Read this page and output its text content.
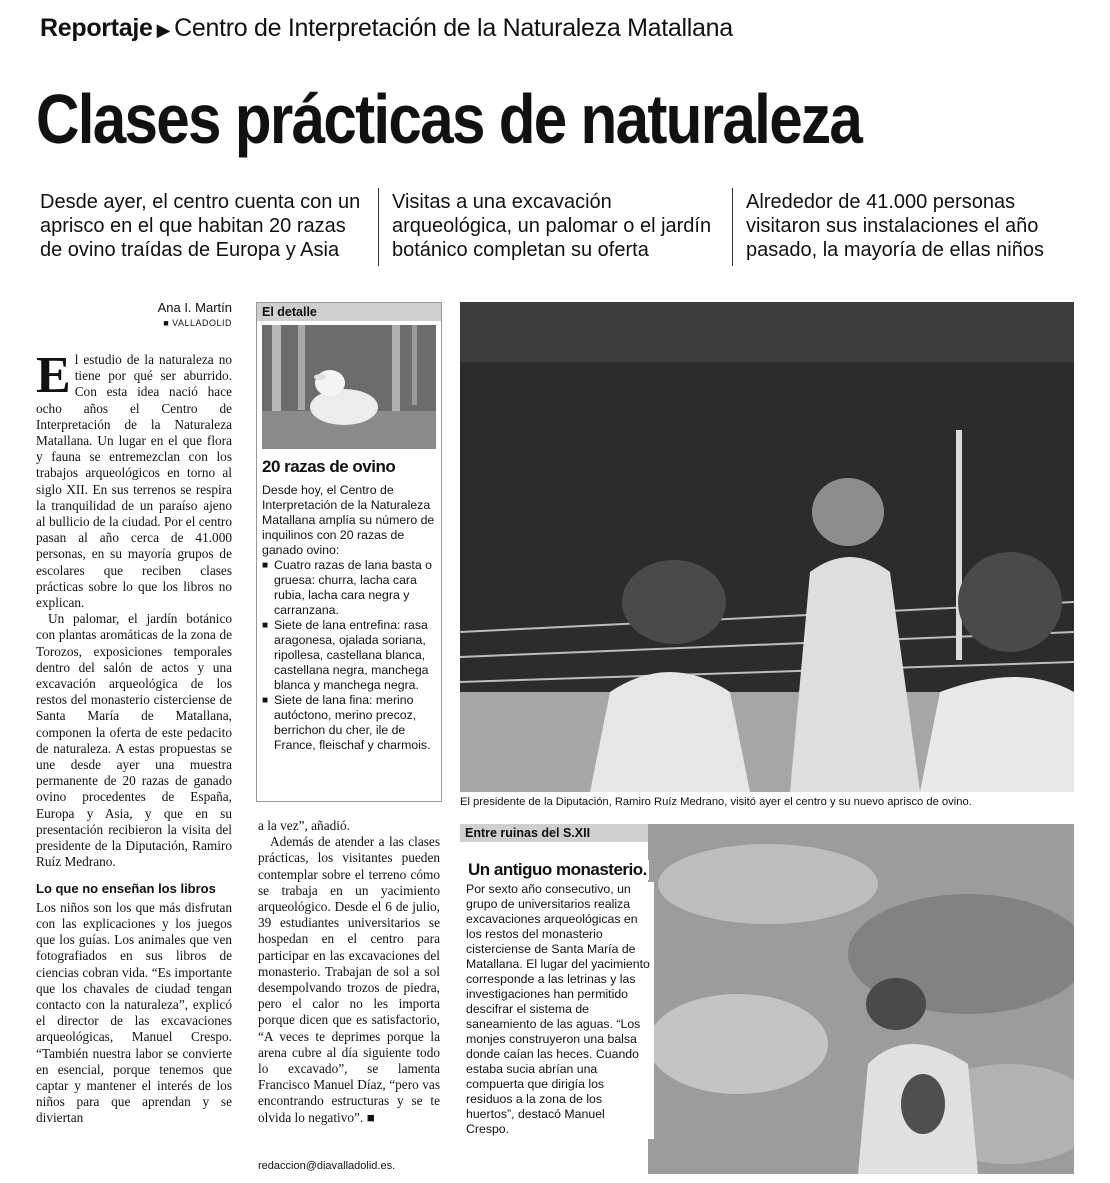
Reportaje ▶ Centro de Interpretación de la Naturaleza Matallana
Clases prácticas de naturaleza
Desde ayer, el centro cuenta con un aprisco en el que habitan 20 razas de ovino traídas de Europa y Asia
Visitas a una excavación arqueológica, un palomar o el jardín botánico completan su oferta
Alrededor de 41.000 personas visitaron sus instalaciones el año pasado, la mayoría de ellas niños
Ana I. Martín
■ VALLADOLID

El estudio de la naturaleza no tiene por qué ser aburrido. Con esta idea nació hace ocho años el Centro de Interpretación de la Naturaleza Matallana. Un lugar en el que flora y fauna se entremezclan con los trabajos arqueológicos en torno al siglo XII. En sus terrenos se respira la tranquilidad de un paraíso ajeno al bullicio de la ciudad. Por el centro pasan al año cerca de 41.000 personas, en su mayoría grupos de escolares que reciben clases prácticas sobre lo que los libros no explican.

Un palomar, el jardín botánico con plantas aromáticas de la zona de Torozos, exposiciones temporales dentro del salón de actos y una excavación arqueológica de los restos del monasterio cisterciense de Santa María de Matallana, componen la oferta de este pedacito de naturaleza. A estas propuestas se une desde ayer una muestra permanente de 20 razas de ganado ovino procedentes de España, Europa y Asia, y que en su presentación recibieron la visita del presidente de la Diputación, Ramiro Ruíz Medrano.

Lo que no enseñan los libros

Los niños son los que más disfrutan con las explicaciones y los juegos que los guías. Los animales que ven fotografiados en sus libros de ciencias cobran vida. “Es importante que los chavales de ciudad tengan contacto con la naturaleza”, explicó el director de las excavaciones arqueológicas, Manuel Crespo. “También nuestra labor se convierte en esencial, porque tenemos que captar y mantener el interés de los niños para que aprendan y se diviertan

El detalle
20 razas de ovino
Desde hoy, el Centro de Interpretación de la Naturaleza Matallana amplía su número de inquilinos con 20 razas de ganado ovino:
■ Cuatro razas de lana basta o gruesa: churra, lacha cara rubia, lacha cara negra y carranzana.
■ Siete de lana entrefina: rasa aragonesa, ojalada soriana, ripollesa, castellana blanca, castellana negra, manchega blanca y manchega negra.
■ Siete de lana fina: merino autóctono, merino precoz, berrichon du cher, ile de France, fleischaf y charmois.

a la vez”, añadió.

Además de atender a las clases prácticas, los visitantes pueden contemplar sobre el terreno cómo se trabaja en un yacimiento arqueológico. Desde el 6 de julio, 39 estudiantes universitarios se hospedan en el centro para participar en las excavaciones del monasterio. Trabajan de sol a sol desempolvando trozos de piedra, pero el calor no les importa porque dicen que es satisfactorio, “A veces te deprimes porque la arena cubre al día siguiente todo lo excavado”, se lamenta Francisco Manuel Díaz, “pero vas encontrando estructuras y se te olvida lo negativo”. ■

redaccion@diavalladolid.es.
El presidente de la Diputación, Ramiro Ruíz Medrano, visitó ayer el centro y su nuevo aprisco de ovino.
Entre ruinas del S.XII
Un antiguo monasterio.
Por sexto año consecutivo, un grupo de universitarios realiza excavaciones arqueológicas en los restos del monasterio cisterciense de Santa María de Matallana. El lugar del yacimiento corresponde a las letrinas y las investigaciones han permitido descifrar el sistema de saneamiento de las aguas. “Los monjes construyeron una balsa donde caían las heces. Cuando estaba sucia abrían una compuerta que dirigía los residuos a la zona de los huertos”, destacó Manuel Crespo.
